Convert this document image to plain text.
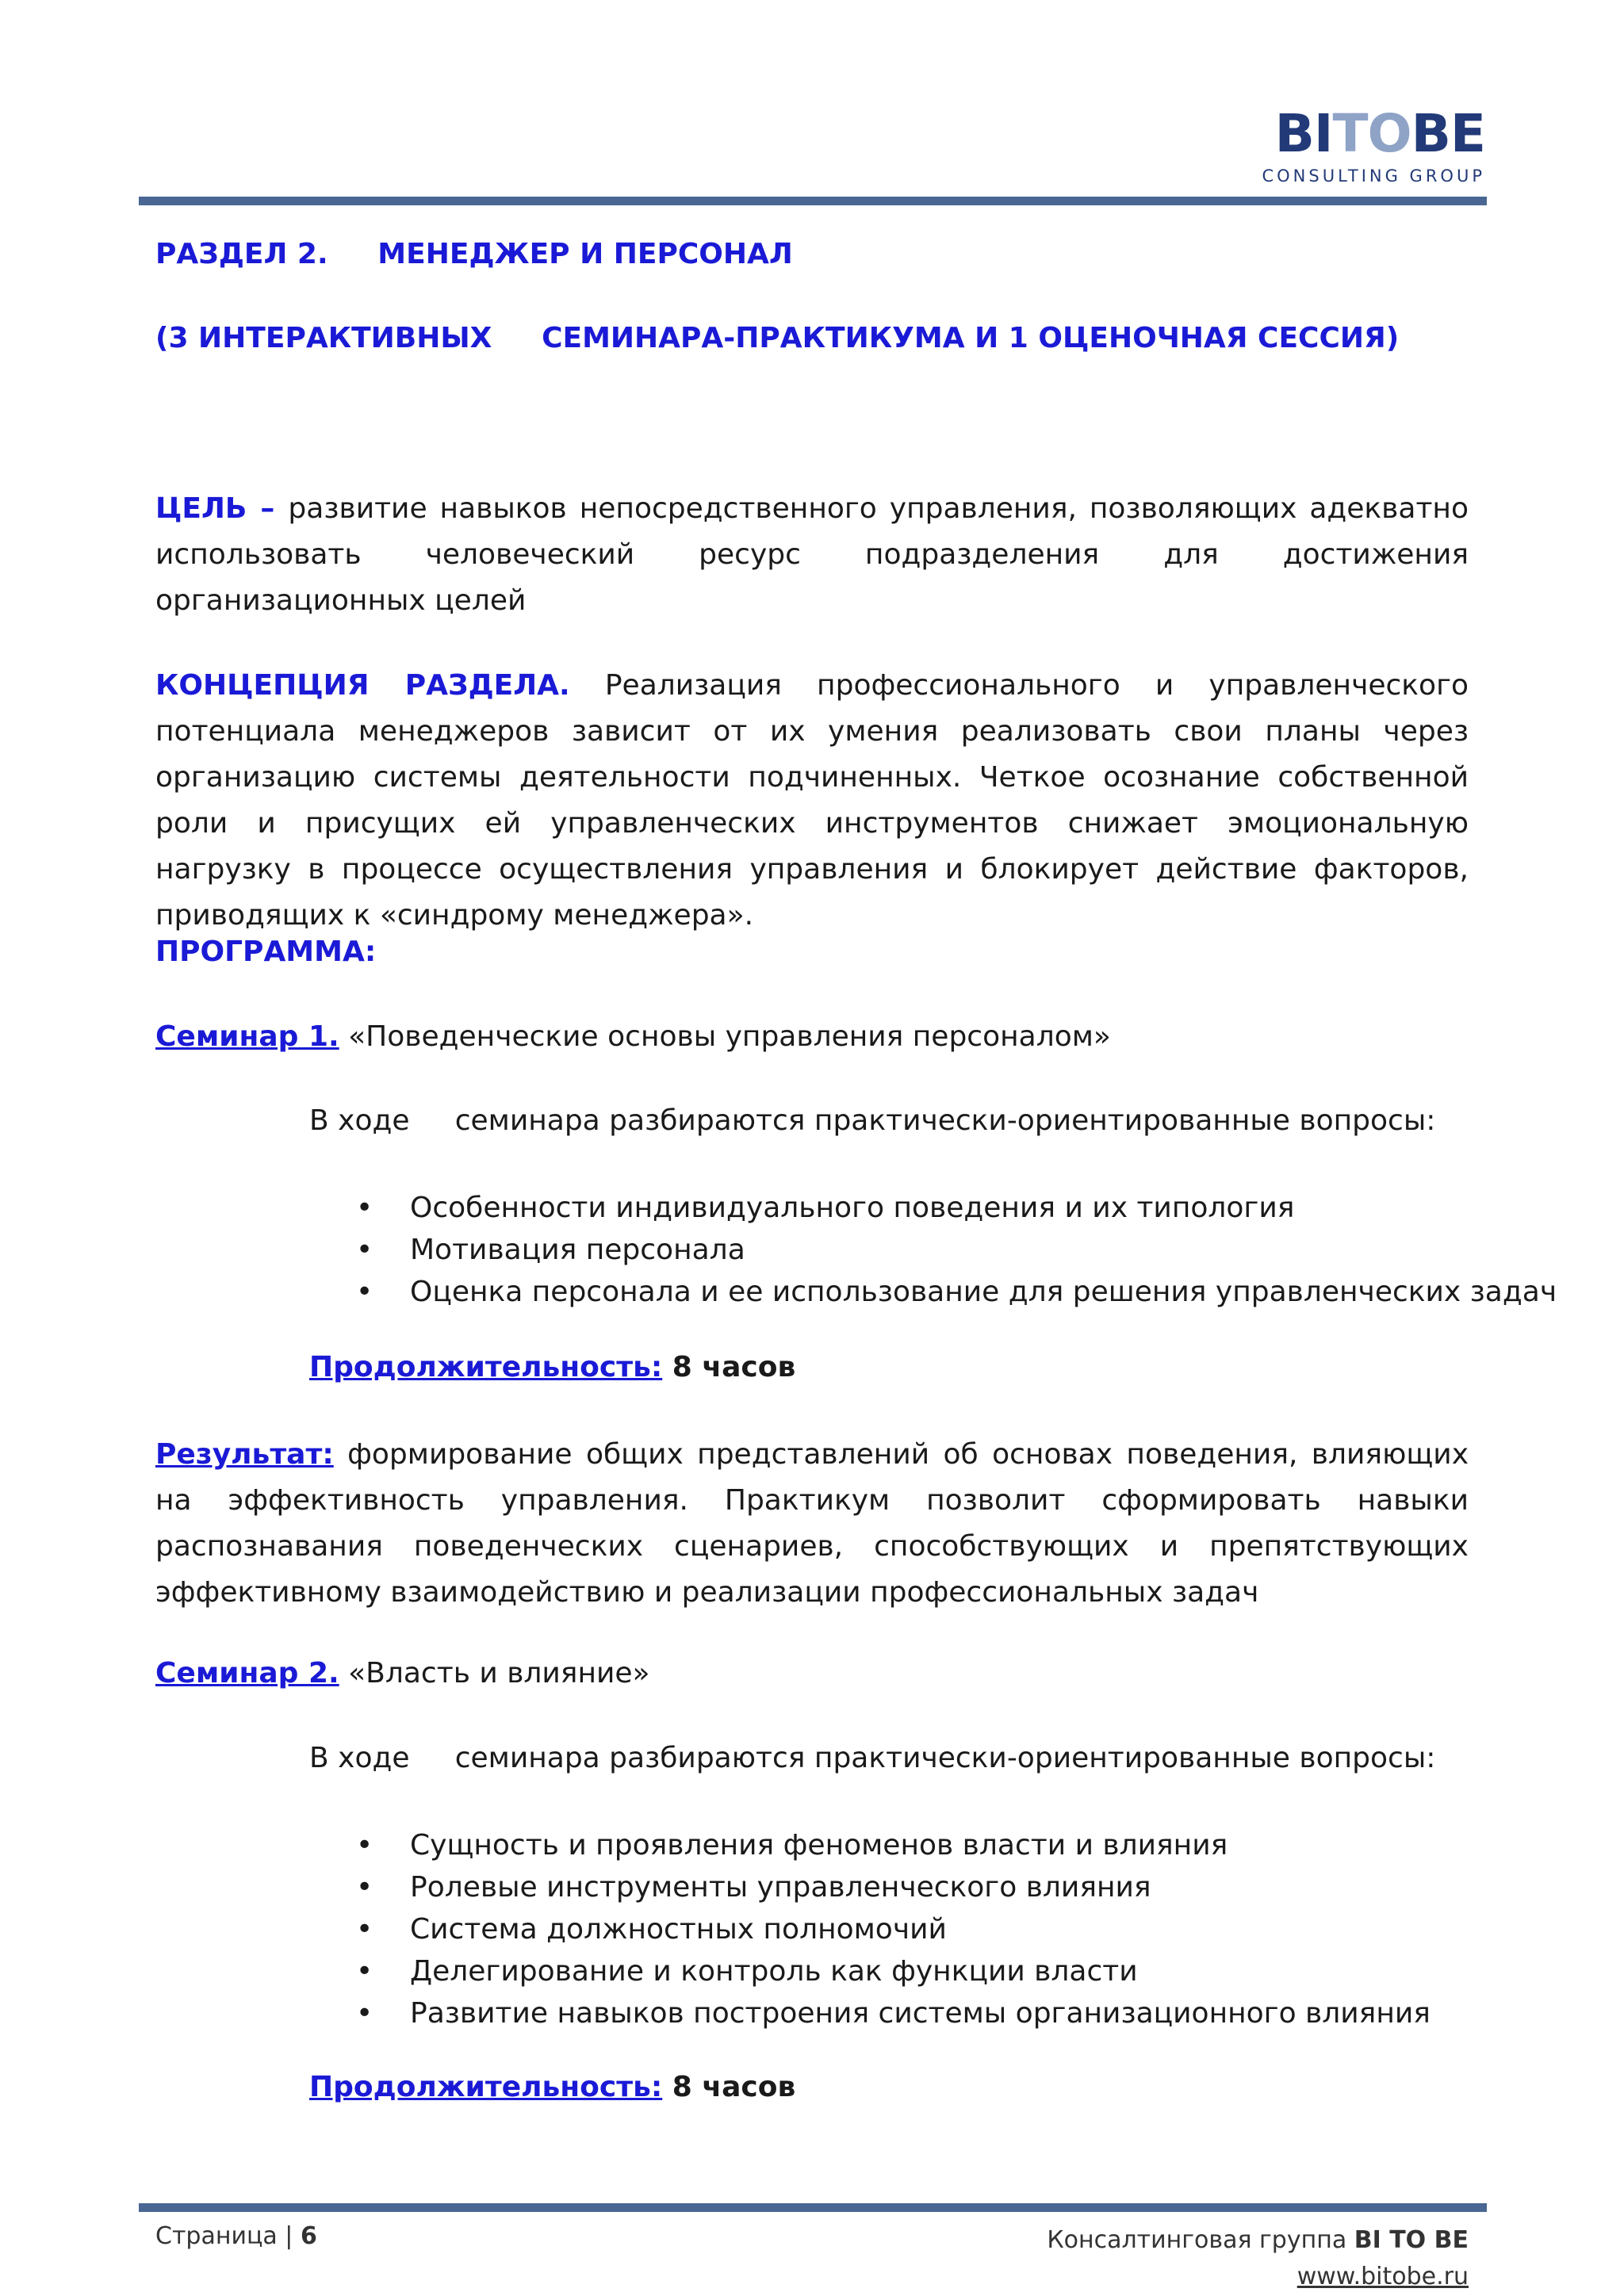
BITOBE
CONSULTING GROUP
РАЗДЕЛ 2.     МЕНЕДЖЕР И ПЕРСОНАЛ
(3 ИНТЕРАКТИВНЫХ     СЕМИНАРА-ПРАКТИКУМА И 1 ОЦЕНОЧНАЯ СЕССИЯ)
ЦЕЛЬ – развитие навыков непосредственного управления, позволяющих адекватно использовать человеческий ресурс подразделения для достижения организационных целей
КОНЦЕПЦИЯ РАЗДЕЛА. Реализация профессионального и управленческого потенциала менеджеров зависит от их умения реализовать свои планы через организацию системы деятельности подчиненных. Четкое осознание собственной роли и присущих ей управленческих инструментов снижает эмоциональную нагрузку в процессе осуществления управления и блокирует действие факторов, приводящих к «синдрому менеджера».
ПРОГРАММА:
Семинар 1. «Поведенческие основы управления персоналом»
В ходе     семинара разбираются практически-ориентированные вопросы:
• Особенности индивидуального поведения и их типология
• Мотивация персонала
• Оценка персонала и ее использование для решения управленческих задач
Продолжительность: 8 часов
Результат: формирование общих представлений об основах поведения, влияющих на эффективность управления. Практикум позволит сформировать навыки распознавания поведенческих сценариев, способствующих и препятствующих эффективному взаимодействию и реализации профессиональных задач
Семинар 2. «Власть и влияние»
В ходе     семинара разбираются практически-ориентированные вопросы:
• Сущность и проявления феноменов власти и влияния
• Ролевые инструменты управленческого влияния
• Система должностных полномочий
• Делегирование и контроль как функции власти
• Развитие навыков построения системы организационного влияния
Продолжительность: 8 часов
Страница | 6	Консалтинговая группа BI TO BE
www.bitobe.ru
